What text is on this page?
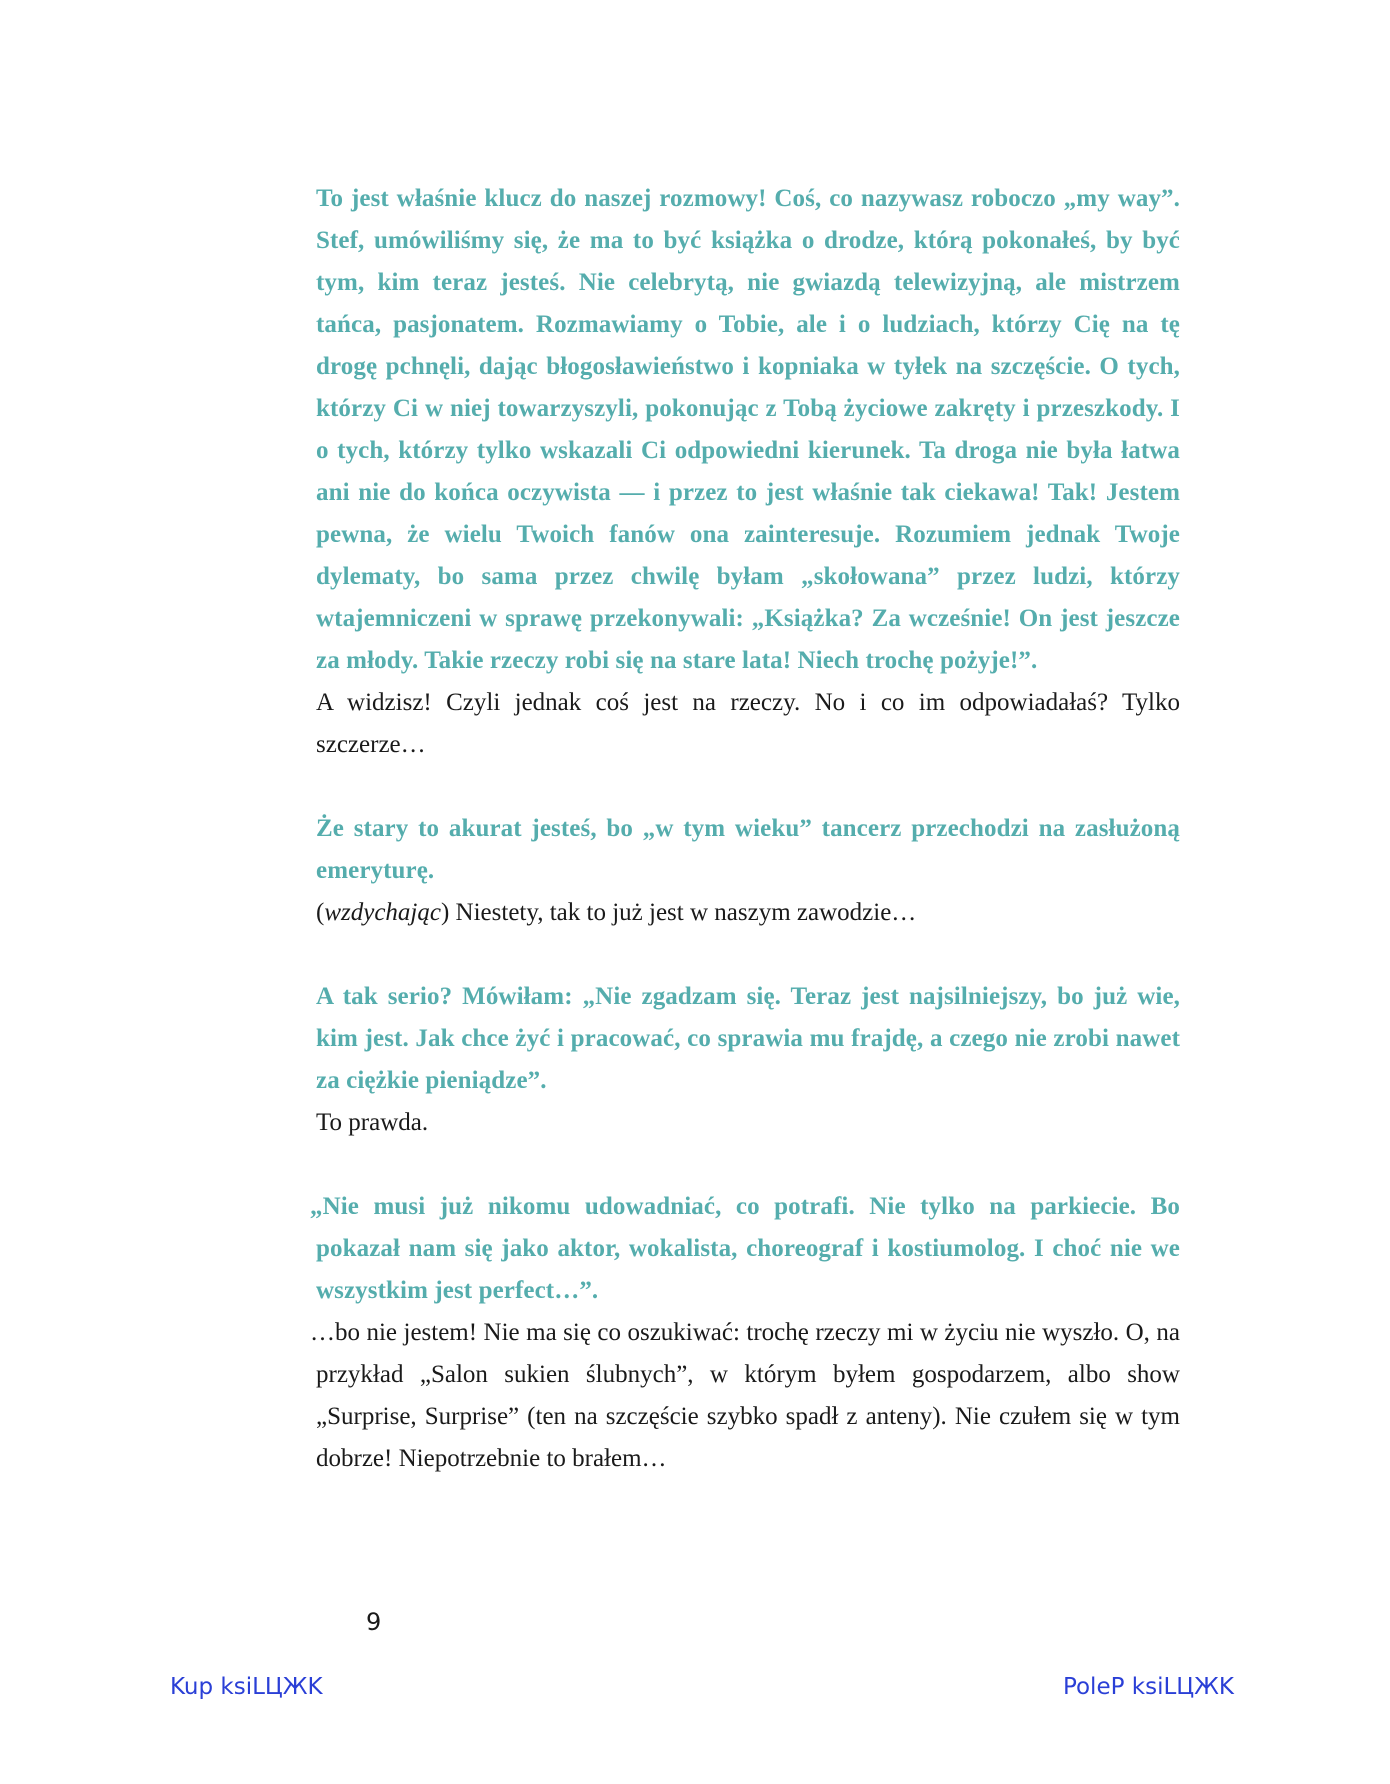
To jest właśnie klucz do naszej rozmowy! Coś, co nazywasz roboczo „my way”. Stef, umówiliśmy się, że ma to być książka o drodze, którą pokonałeś, by być tym, kim teraz jesteś. Nie celebrytą, nie gwiazdą telewizyjną, ale mistrzem tańca, pasjonatem. Rozmawiamy o Tobie, ale i o ludziach, którzy Cię na tę drogę pchnęli, dając błogosławieństwo i kopniaka w tyłek na szczęście. O tych, którzy Ci w niej towarzyszyli, pokonując z Tobą życiowe zakręty i przeszkody. I o tych, którzy tylko wskazali Ci odpowiedni kierunek. Ta droga nie była łatwa ani nie do końca oczywista — i przez to jest właśnie tak ciekawa! Tak! Jestem pewna, że wielu Twoich fanów ona zainteresuje. Rozumiem jednak Twoje dylematy, bo sama przez chwilę byłam „skołowana” przez ludzi, którzy wtajemniczeni w sprawę przekonywali: „Książka? Za wcześnie! On jest jeszcze za młody. Takie rzeczy robi się na stare lata! Niech trochę pożyje!”.

A widzisz! Czyli jednak coś jest na rzeczy. No i co im odpowiadałaś? Tylko szczerze…

Że stary to akurat jesteś, bo „w tym wieku” tancerz przechodzi na zasłużoną emeryturę.

(wzdychając) Niestety, tak to już jest w naszym zawodzie…

A tak serio? Mówiłam: „Nie zgadzam się. Teraz jest najsilniejszy, bo już wie, kim jest. Jak chce żyć i pracować, co sprawia mu frajdę, a czego nie zrobi nawet za ciężkie pieniądze”.

To prawda.

„Nie musi już nikomu udowadniać, co potrafi. Nie tylko na parkiecie. Bo pokazał nam się jako aktor, wokalista, choreograf i kostiumolog. I choć nie we wszystkim jest perfect…”.

…bo nie jestem! Nie ma się co oszukiwać: trochę rzeczy mi w życiu nie wyszło. O, na przykład „Salon sukien ślubnych”, w którym byłem gospodarzem, albo show „Surprise, Surprise” (ten na szczęście szybko spadł z anteny). Nie czułem się w tym dobrze! Niepotrzebnie to brałem…

9
Kup ksiLЦЖK	PoleP ksiLЦЖK
